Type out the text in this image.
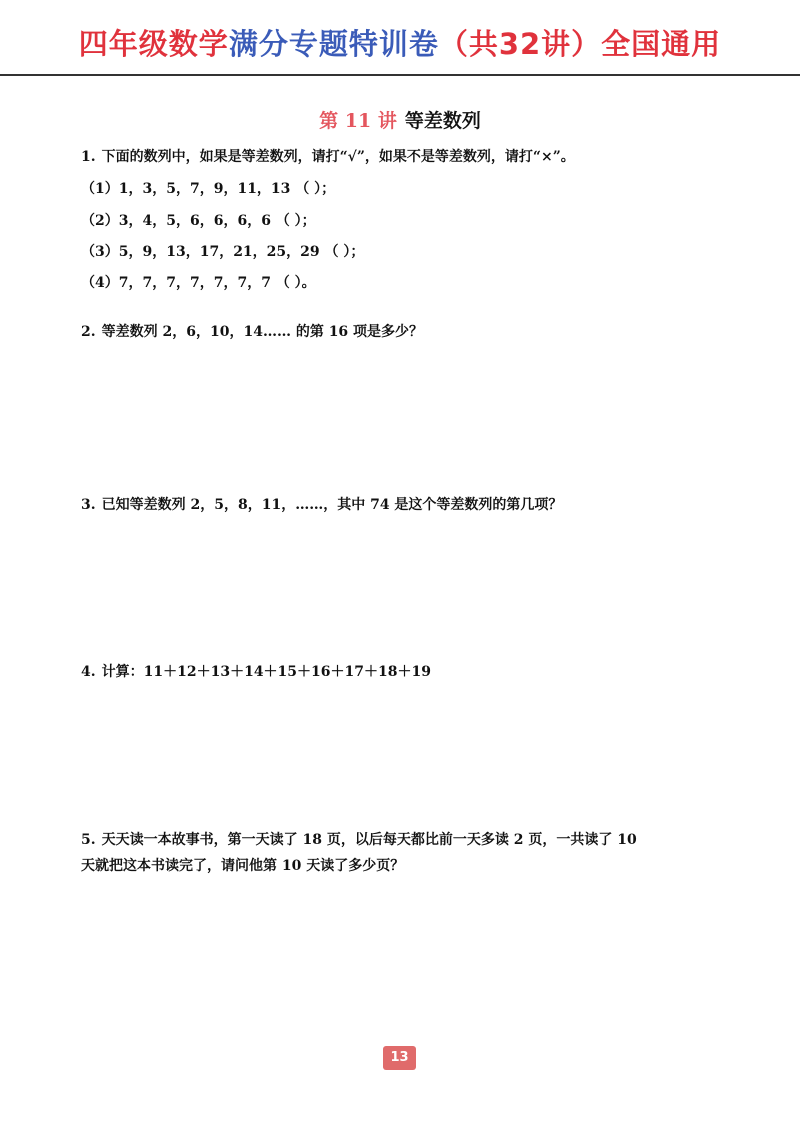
四年级数学满分专题特训卷（共32讲）全国通用
第 11 讲 等差数列
1. 下面的数列中，如果是等差数列，请打“√”，如果不是等差数列，请打“×”。
（1）1，3，5，7，9，11，13 （ ）；
（2）3，4，5，6，6，6，6 （ ）；
（3）5，9，13，17，21，25，29 （ ）；
（4）7，7，7，7，7，7，7 （ ）。
2. 等差数列 2，6，10，14…… 的第 16 项是多少？
3. 已知等差数列 2，5，8，11，……，其中 74 是这个等差数列的第几项？
4. 计算：11＋12＋13＋14＋15＋16＋17＋18＋19
5. 天天读一本故事书，第一天读了 18 页，以后每天都比前一天多读 2 页，一共读了 10
天就把这本书读完了，请问他第 10 天读了多少页？
13
